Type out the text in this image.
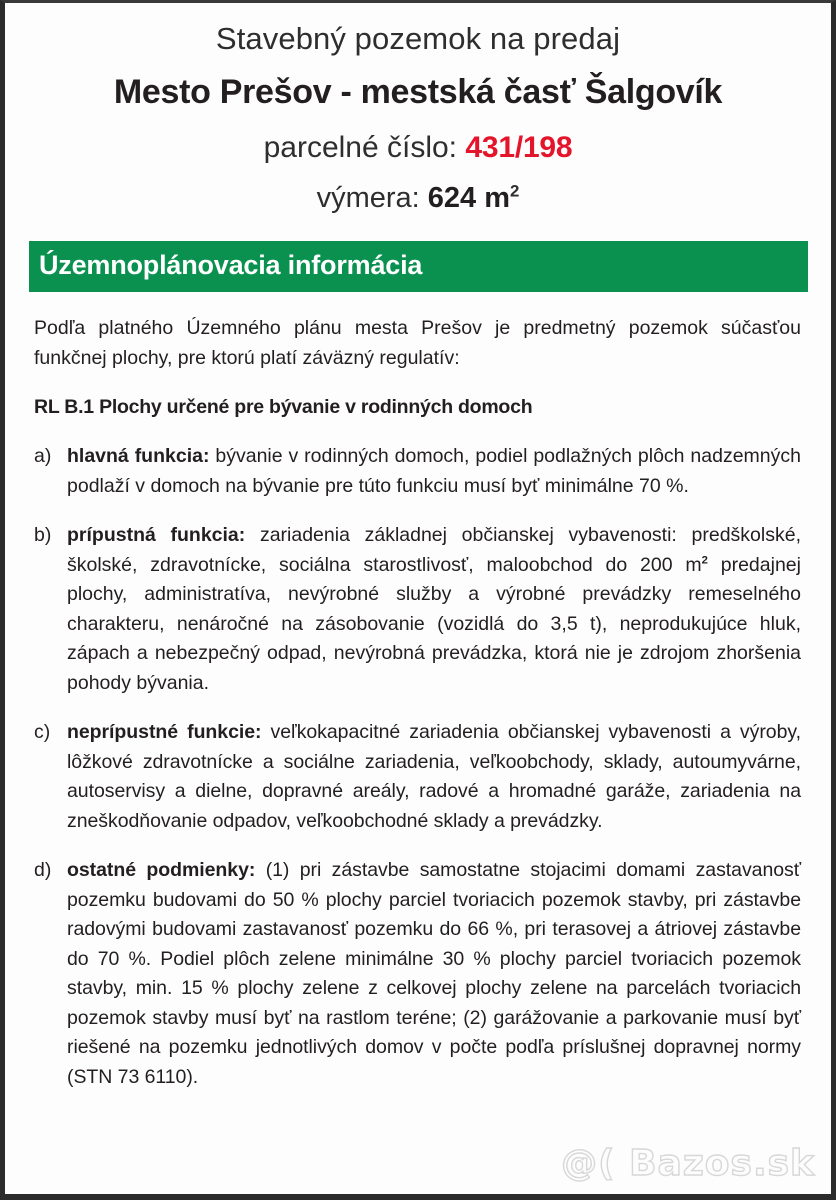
Stavebný pozemok na predaj
Mesto Prešov - mestská časť Šalgovík
parcelné číslo: 431/198
výmera: 624 $m^2$
Územnoplánovacia informácia

Podľa platného Územného plánu mesta Prešov je predmetný pozemok súčasťou funkčnej plochy, pre ktorú platí záväzný regulatív:

RL B.1 Plochy určené pre bývanie v rodinných domoch
a) hlavná funkcia: bývanie v rodinných domoch, podiel podlažných plôch nadzemných podlaží v domoch na bývanie pre túto funkciu musí byť minimálne 70 %.

b) prípustná funkcia: zariadenia základnej občianskej vybavenosti: predškolské, školské, zdravotnícke, sociálna starostlivosť, maloobchod do 200 $m^2$ predajnej plochy, administratíva, nevýrobné služby a výrobné prevádzky remeselného charakteru, nenáročné na zásobovanie (vozidlá do 3,5 t), neprodukujúce hluk, zápach a nebezpečný odpad, nevýrobná prevádzka, ktorá nie je zdrojom zhoršenia pohody bývania.

c) neprípustné funkcie: veľkokapacitné zariadenia občianskej vybavenosti a výroby, lôžkové zdravotnícke a sociálne zariadenia, veľkoobchody, sklady, autoumyvárne, autoservisy a dielne, dopravné areály, radové a hromadné garáže, zariadenia na zneškodňovanie odpadov, veľkoobchodné sklady a prevádzky.

d) ostatné podmienky: (1) pri zástavbe samostatne stojacimi domami zastavanosť pozemku budovami do 50 % plochy parciel tvoriacich pozemok stavby, pri zástavbe radovými budovami zastavanosť pozemku do 66 %, pri terasovej a átriovej zástavbe do 70 %. Podiel plôch zelene minimálne 30 % plochy parciel tvoriacich pozemok stavby, min. 15 % plochy zelene z celkovej plochy zelene na parcelách tvoriacich pozemok stavby musí byť na rastlom teréne; (2) garážovanie a parkovanie musí byť riešené na pozemku jednotlivých domov v počte podľa príslušnej dopravnej normy (STN 73 6110).

@( Bazos.sk
